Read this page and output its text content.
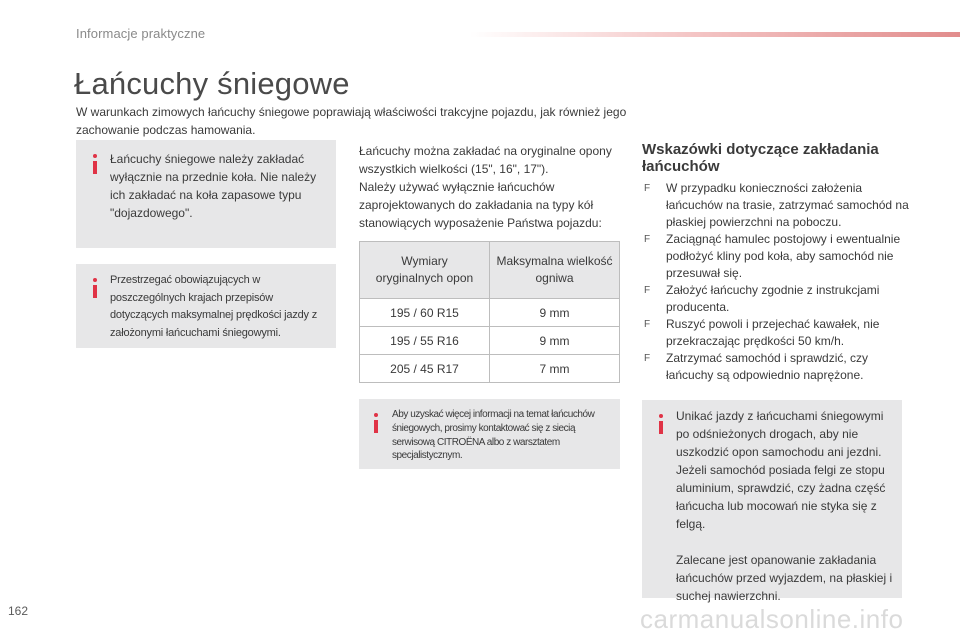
Informacje praktyczne
Łańcuchy śniegowe
W warunkach zimowych łańcuchy śniegowe poprawiają właściwości trakcyjne pojazdu, jak również jego zachowanie podczas hamowania.
Łańcuchy śniegowe należy zakładać wyłącznie na przednie koła. Nie należy ich zakładać na koła zapasowe typu "dojazdowego".
Przestrzegać obowiązujących w poszczególnych krajach przepisów dotyczących maksymalnej prędkości jazdy z założonymi łańcuchami śniegowymi.

Łańcuchy można zakładać na oryginalne opony wszystkich wielkości (15", 16", 17").

Należy używać wyłącznie łańcuchów zaprojektowanych do zakładania na typy kół stanowiących wyposażenie Państwa pojazdu:

Wymiary oryginalnych opon	Maksymalna wielkość ogniwa
195 / 60 R15	9 mm
195 / 55 R16	9 mm
205 / 45 R17	7 mm
Aby uzyskać więcej informacji na temat łańcuchów śniegowych, prosimy kontaktować się z siecią serwisową CITROËNA albo z warsztatem specjalistycznym.
Wskazówki dotyczące zakładania łańcuchów
F W przypadku konieczności założenia łańcuchów na trasie, zatrzymać samochód na płaskiej powierzchni na poboczu.
F Zaciągnąć hamulec postojowy i ewentualnie podłożyć kliny pod koła, aby samochód nie przesuwał się.
F Założyć łańcuchy zgodnie z instrukcjami producenta.
F Ruszyć powoli i przejechać kawałek, nie przekraczając prędkości 50 km/h.
F Zatrzymać samochód i sprawdzić, czy łańcuchy są odpowiednio naprężone.

Unikać jazdy z łańcuchami śniegowymi po odśnieżonych drogach, aby nie uszkodzić opon samochodu ani jezdni. Jeżeli samochód posiada felgi ze stopu aluminium, sprawdzić, czy żadna część łańcucha lub mocowań nie styka się z felgą.

Zalecane jest opanowanie zakładania łańcuchów przed wyjazdem, na płaskiej i suchej nawierzchni.

162	carmanualsonline.info
